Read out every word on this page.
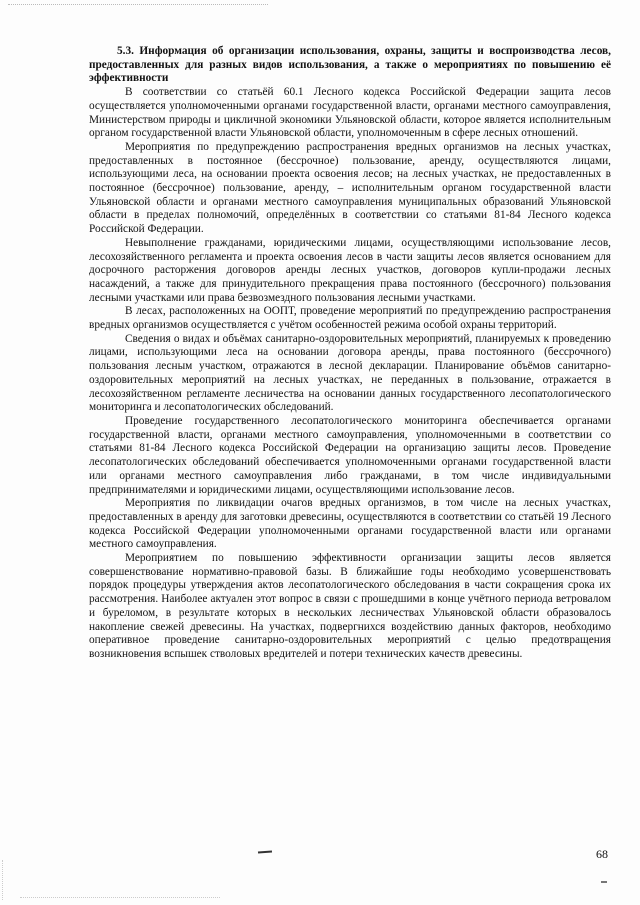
5.3. Информация об организации использования, охраны, защиты и воспроизводства лесов, предоставленных для разных видов использования, а также о мероприятиях по повышению её эффективности

В соответствии со статьёй 60.1 Лесного кодекса Российской Федерации защита лесов осуществляется уполномоченными органами государственной власти, органами местного самоуправления, Министерством природы и цикличной экономики Ульяновской области, которое является исполнительным органом государственной власти Ульяновской области, уполномоченным в сфере лесных отношений.

Мероприятия по предупреждению распространения вредных организмов на лесных участках, предоставленных в постоянное (бессрочное) пользование, аренду, осуществляются лицами, использующими леса, на основании проекта освоения лесов; на лесных участках, не предоставленных в постоянное (бессрочное) пользование, аренду, – исполнительным органом государственной власти Ульяновской области и органами местного самоуправления муниципальных образований Ульяновской области в пределах полномочий, определённых в соответствии со статьями 81-84 Лесного кодекса Российской Федерации.

Невыполнение гражданами, юридическими лицами, осуществляющими использование лесов, лесохозяйственного регламента и проекта освоения лесов в части защиты лесов является основанием для досрочного расторжения договоров аренды лесных участков, договоров купли-продажи лесных насаждений, а также для принудительного прекращения права постоянного (бессрочного) пользования лесными участками или права безвозмездного пользования лесными участками.

В лесах, расположенных на ООПТ, проведение мероприятий по предупреждению распространения вредных организмов осуществляется с учётом особенностей режима особой охраны территорий.

Сведения о видах и объёмах санитарно-оздоровительных мероприятий, планируемых к проведению лицами, использующими леса на основании договора аренды, права постоянного (бессрочного) пользования лесным участком, отражаются в лесной декларации. Планирование объёмов санитарно-оздоровительных мероприятий на лесных участках, не переданных в пользование, отражается в лесохозяйственном регламенте лесничества на основании данных государственного лесопатологического мониторинга и лесопатологических обследований.

Проведение государственного лесопатологического мониторинга обеспечивается органами государственной власти, органами местного самоуправления, уполномоченными в соответствии со статьями 81-84 Лесного кодекса Российской Федерации на организацию защиты лесов. Проведение лесопатологических обследований обеспечивается уполномоченными органами государственной власти или органами местного самоуправления либо гражданами, в том числе индивидуальными предпринимателями и юридическими лицами, осуществляющими использование лесов.

Мероприятия по ликвидации очагов вредных организмов, в том числе на лесных участках, предоставленных в аренду для заготовки древесины, осуществляются в соответствии со статьёй 19 Лесного кодекса Российской Федерации уполномоченными органами государственной власти или органами местного самоуправления.

Мероприятием по повышению эффективности организации защиты лесов является совершенствование нормативно-правовой базы. В ближайшие годы необходимо усовершенствовать порядок процедуры утверждения актов лесопатологического обследования в части сокращения срока их рассмотрения. Наиболее актуален этот вопрос в связи с прошедшими в конце учётного периода ветровалом и буреломом, в результате которых в нескольких лесничествах Ульяновской области образовалось накопление свежей древесины. На участках, подвергнихся воздействию данных факторов, необходимо оперативное проведение санитарно-оздоровительных мероприятий с целью предотвращения возникновения вспышек стволовых вредителей и потери технических качеств древесины.

68
